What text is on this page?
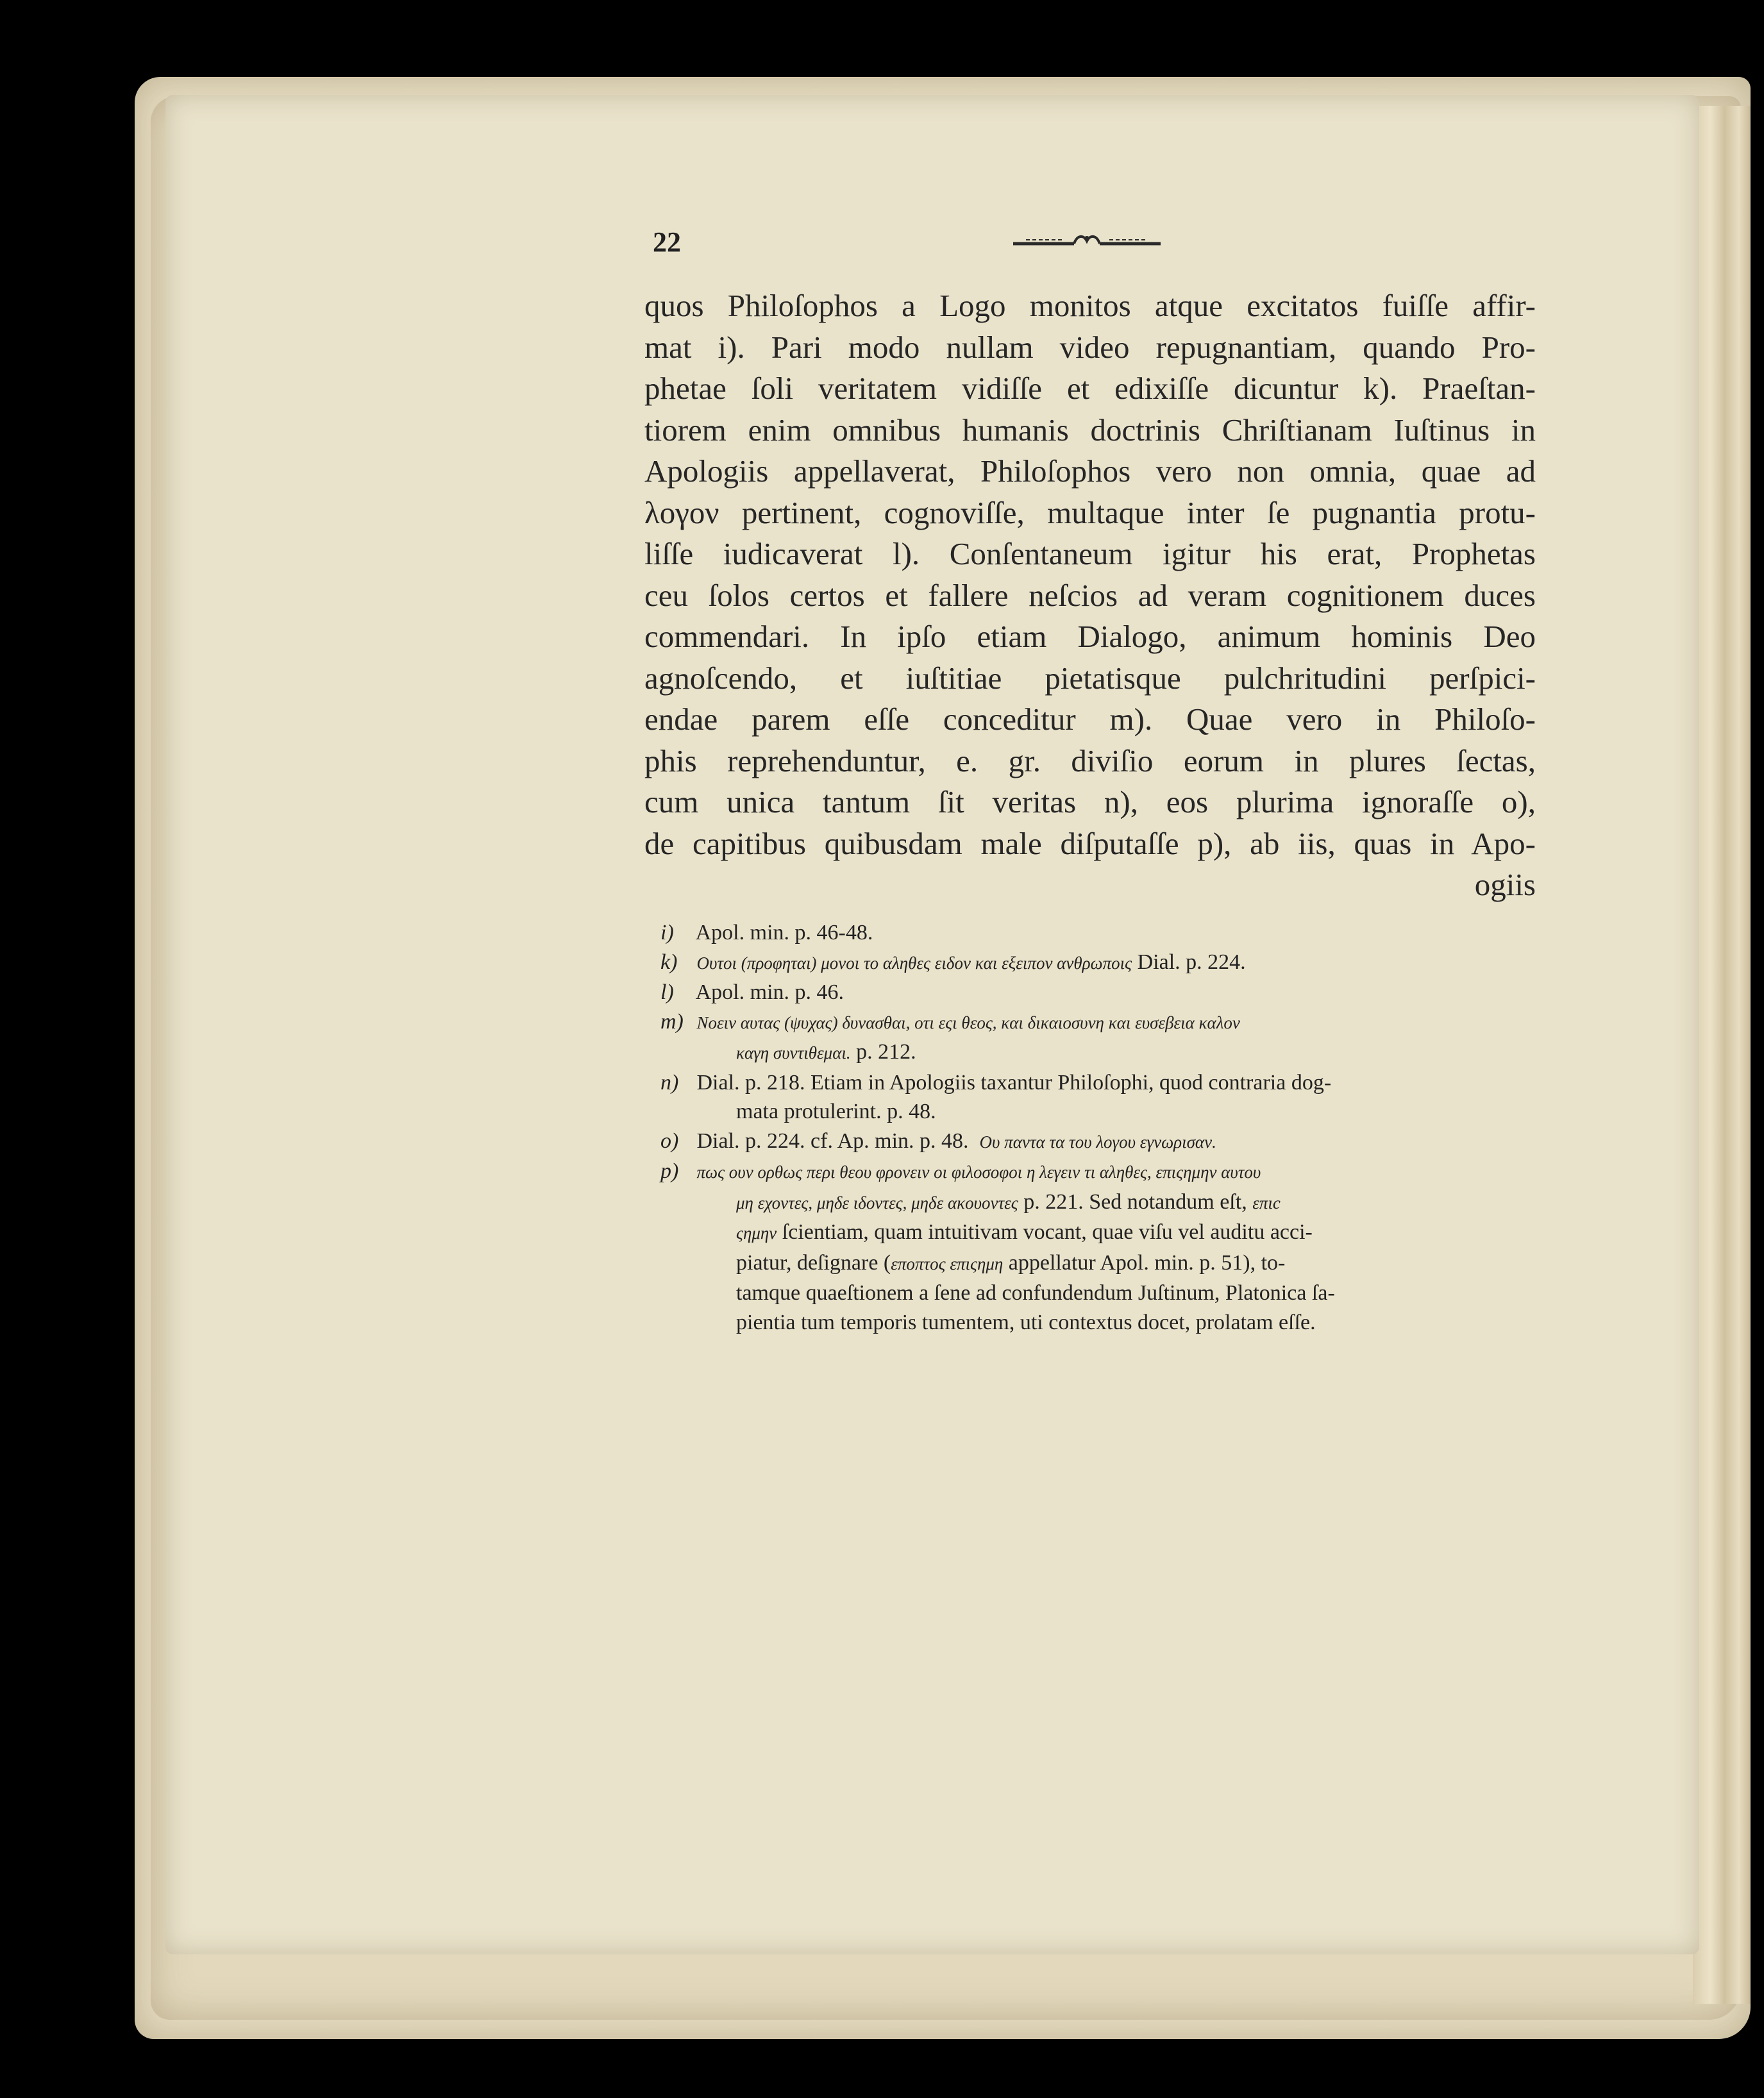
22
quos Philoſophos a Logo monitos atque excitatos fuiſſe affir-
mat i). Pari modo nullam video repugnantiam, quando Pro-
phetae ſoli veritatem vidiſſe et edixiſſe dicuntur k). Praeſtan-
tiorem enim omnibus humanis doctrinis Chriſtianam Iuſtinus in
Apologiis appellaverat, Philoſophos vero non omnia, quae ad
λογον pertinent, cognoviſſe, multaque inter ſe pugnantia protu-
liſſe iudicaverat l). Conſentaneum igitur his erat, Prophetas
ceu ſolos certos et fallere neſcios ad veram cognitionem duces
commendari. In ipſo etiam Dialogo, animum hominis Deo
agnoſcendo, et iuſtitiae pietatisque pulchritudini perſpici-
endae parem eſſe conceditur m). Quae vero in Philoſo-
phis reprehenduntur, e. gr. diviſio eorum in plures ſectas,
cum unica tantum ſit veritas n), eos plurima ignoraſſe o),
de capitibus quibusdam male diſputaſſe p), ab iis, quas in Apo-
ogiis
i) Apol. min. p. 46-48.
k) Ουτοι (προφηται) μονοι το αληθες ειδον και εξειπον ανθρωποις Dial. p. 224.
l) Apol. min. p. 46.
m) Νοειν αυτας (ψυχας) δυνασθαι, οτι εςι θεος, και δικαιοσυνη και ευσεβεια καλον
καγη συντιθεμαι. p. 212.
n) Dial. p. 218. Etiam in Apologiis taxantur Philoſophi, quod contraria dog-
mata protulerint. p. 48.
o) Dial. p. 224. cf. Ap. min. p. 48. Ου παντα τα του λογου εγνωρισαν.
p) πως ουν ορθως περι θεου φρονειν οι φιλοσοφοι η λεγειν τι αληθες, επιςημην αυτου
μη εχοντες, μηδε ιδοντες, μηδε ακουοντες p. 221. Sed notandum eſt, επιc
ςημην ſcientiam, quam intuitivam vocant, quae viſu vel auditu acci-
piatur, deſignare (εποπτος επιςημη appellatur Apol. min. p. 51), to-
tamque quaeſtionem a ſene ad confundendum Juſtinum, Platonica ſa-
pientia tum temporis tumentem, uti contextus docet, prolatam eſſe.
